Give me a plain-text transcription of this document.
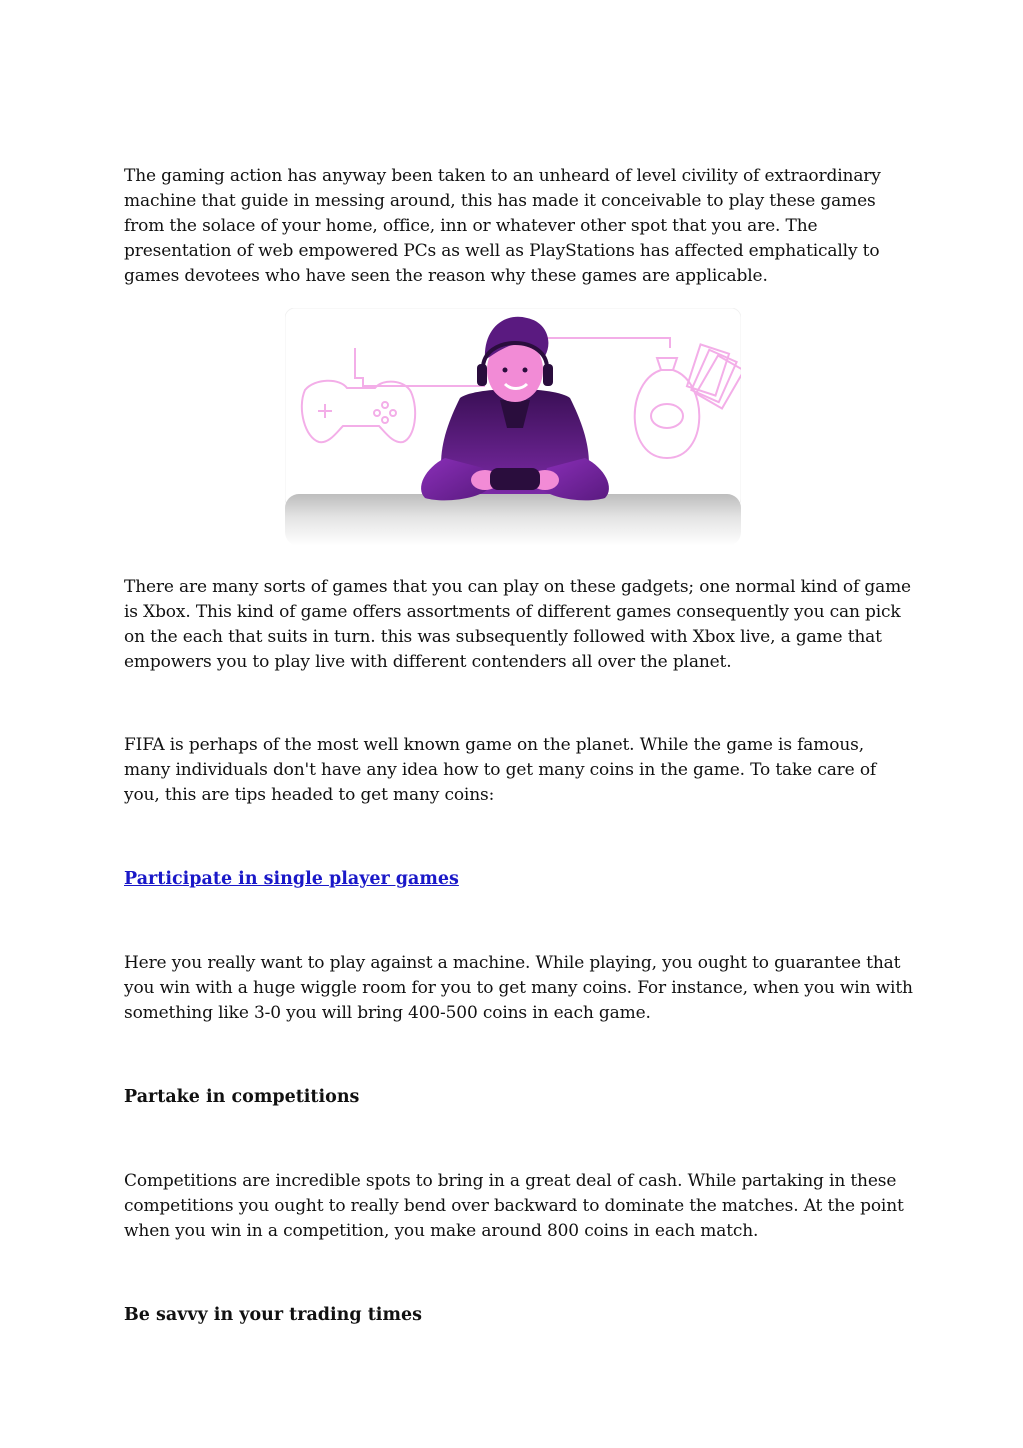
The gaming action has anyway been taken to an unheard of level civility of extraordinary machine that guide in messing around, this has made it conceivable to play these games from the solace of your home, office, inn or whatever other spot that you are. The presentation of web empowered PCs as well as PlayStations has affected emphatically to games devotees who have seen the reason why these games are applicable.

There are many sorts of games that you can play on these gadgets; one normal kind of game is Xbox. This kind of game offers assortments of different games consequently you can pick on the each that suits in turn. this was subsequently followed with Xbox live, a game that empowers you to play live with different contenders all over the planet.

FIFA is perhaps of the most well known game on the planet. While the game is famous, many individuals don't have any idea how to get many coins in the game. To take care of you, this are tips headed to get many coins:

Participate in single player games

Here you really want to play against a machine. While playing, you ought to guarantee that you win with a huge wiggle room for you to get many coins. For instance, when you win with something like 3-0 you will bring 400-500 coins in each game.

Partake in competitions

Competitions are incredible spots to bring in a great deal of cash. While partaking in these competitions you ought to really bend over backward to dominate the matches. At the point when you win in a competition, you make around 800 coins in each match.

Be savvy in your trading times
